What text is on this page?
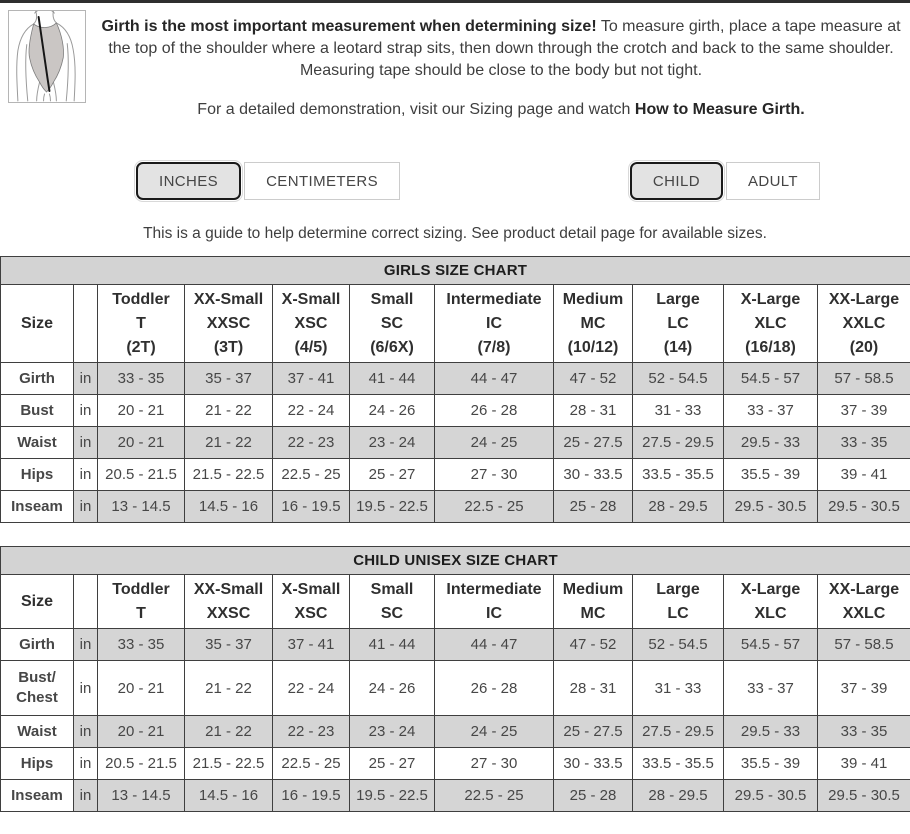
Girth is the most important measurement when determining size! To measure girth, place a tape measure at the top of the shoulder where a leotard strap sits, then down through the crotch and back to the same shoulder. Measuring tape should be close to the body but not tight.

For a detailed demonstration, visit our Sizing page and watch How to Measure Girth.

INCHES	CENTIMETERS	CHILD	ADULT
This is a guide to help determine correct sizing. See product detail page for available sizes.
GIRLS SIZE CHART										
Size		Toddler
T
(2T)	XX-Small
XXSC
(3T)	X-Small
XSC
(4/5)	Small
SC
(6/6X)	Intermediate
IC
(7/8)	Medium
MC
(10/12)	Large
LC
(14)	X-Large
XLC
(16/18)	XX-Large
XXLC
(20)

Girth	in	33 - 35	35 - 37	37 - 41	41 - 44	44 - 47	47 - 52	52 - 54.5	54.5 - 57	57 - 58.5
Bust	in	20 - 21	21 - 22	22 - 24	24 - 26	26 - 28	28 - 31	31 - 33	33 - 37	37 - 39
Waist	in	20 - 21	21 - 22	22 - 23	23 - 24	24 - 25	25 - 27.5	27.5 - 29.5	29.5 - 33	33 - 35
Hips	in	20.5 - 21.5	21.5 - 22.5	22.5 - 25	25 - 27	27 - 30	30 - 33.5	33.5 - 35.5	35.5 - 39	39 - 41
Inseam	in	13 - 14.5	14.5 - 16	16 - 19.5	19.5 - 22.5	22.5 - 25	25 - 28	28 - 29.5	29.5 - 30.5	29.5 - 30.5
CHILD UNISEX SIZE CHART										
Size		Toddler
T	XX-Small
XXSC	X-Small
XSC	Small
SC	Intermediate
IC	Medium
MC	Large
LC	X-Large
XLC	XX-Large
XXLC

Girth	in	33 - 35	35 - 37	37 - 41	41 - 44	44 - 47	47 - 52	52 - 54.5	54.5 - 57	57 - 58.5

Bust/
Chest	in	20 - 21	21 - 22	22 - 24	24 - 26	26 - 28	28 - 31	31 - 33	33 - 37	37 - 39
Waist	in	20 - 21	21 - 22	22 - 23	23 - 24	24 - 25	25 - 27.5	27.5 - 29.5	29.5 - 33	33 - 35
Hips	in	20.5 - 21.5	21.5 - 22.5	22.5 - 25	25 - 27	27 - 30	30 - 33.5	33.5 - 35.5	35.5 - 39	39 - 41
Inseam	in	13 - 14.5	14.5 - 16	16 - 19.5	19.5 - 22.5	22.5 - 25	25 - 28	28 - 29.5	29.5 - 30.5	29.5 - 30.5
